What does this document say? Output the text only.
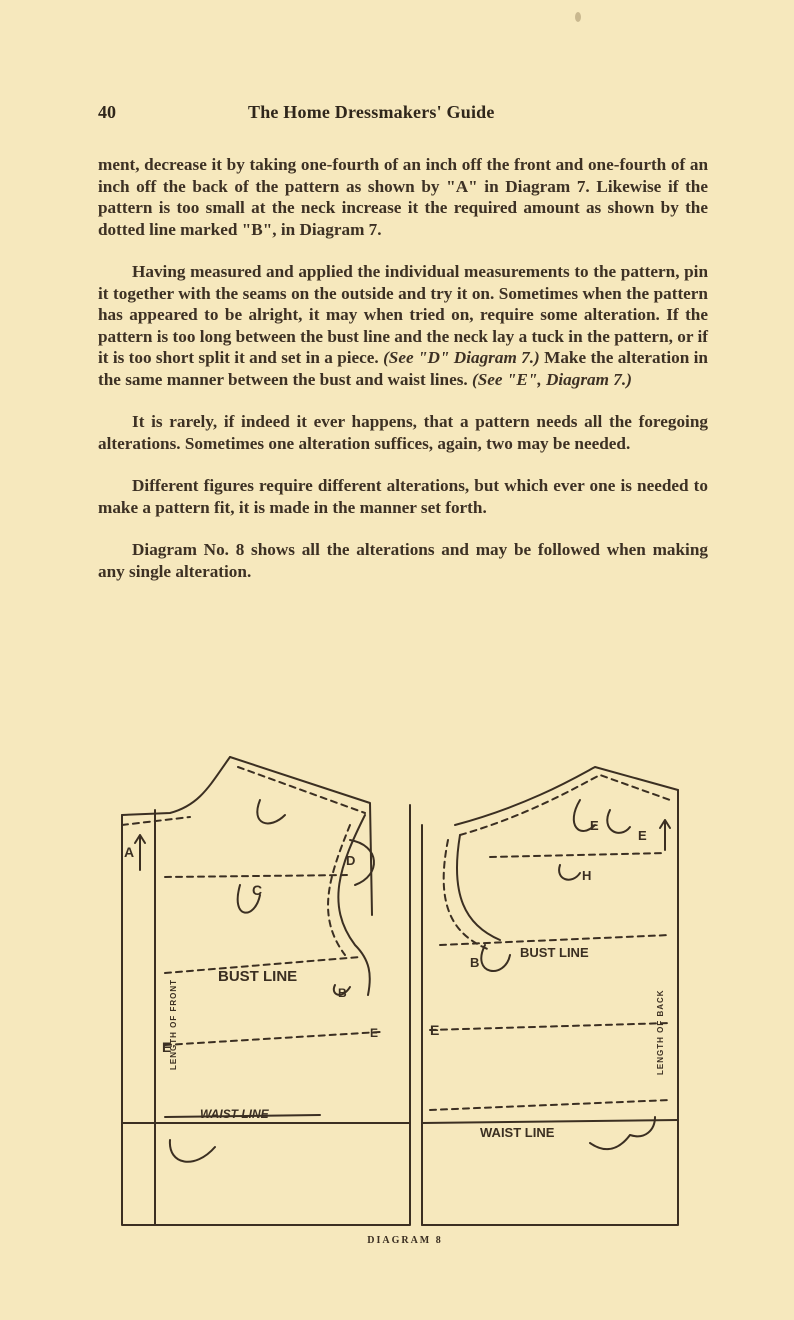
40	The Home Dressmakers' Guide

ment, decrease it by taking one-fourth of an inch off the front and one-fourth of an inch off the back of the pattern as shown by "A" in Diagram 7. Likewise if the pattern is too small at the neck increase it the required amount as shown by the dotted line marked "B", in Diagram 7.

Having measured and applied the individual measurements to the pattern, pin it together with the seams on the outside and try it on. Sometimes when the pattern has appeared to be alright, it may when tried on, require some alteration. If the pattern is too long between the bust line and the neck lay a tuck in the pattern, or if it is too short split it and set in a piece. (See "D" Diagram 7.) Make the alteration in the same manner between the bust and waist lines. (See "E", Diagram 7.)

It is rarely, if indeed it ever happens, that a pattern needs all the foregoing alterations. Sometimes one alteration suffices, again, two may be needed.

Different figures require different alterations, but which ever one is needed to make a pattern fit, it is made in the manner set forth.

Diagram No. 8 shows all the alterations and may be followed when making any single alteration.

A
C
D
BUST LINE
E
E
B
WAIST LINE
LENGTH OF FRONT
E
E
H
B
BUST LINE
E
WAIST LINE
LENGTH OF BACK
DIAGRAM 8
